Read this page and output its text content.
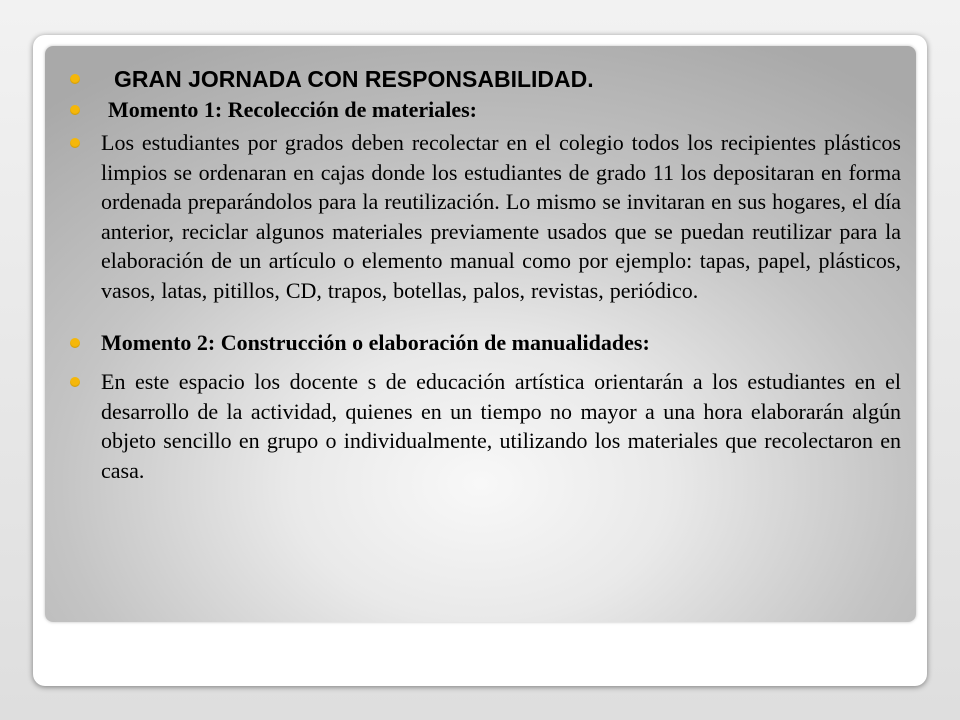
GRAN JORNADA CON RESPONSABILIDAD.
Momento 1: Recolección de materiales:
Los estudiantes por grados deben recolectar en el colegio todos los recipientes plásticos limpios se ordenaran en cajas donde los estudiantes de grado 11 los depositaran en forma ordenada preparándolos para la reutilización. Lo mismo se invitaran en sus hogares, el día anterior, reciclar algunos materiales previamente usados que se puedan reutilizar para la elaboración de un artículo o elemento manual como por ejemplo: tapas, papel, plásticos, vasos, latas, pitillos, CD, trapos, botellas, palos, revistas, periódico.
Momento 2: Construcción o elaboración de manualidades:
En este espacio los docente s de educación artística orientarán a los estudiantes en el desarrollo de la actividad, quienes en un tiempo no mayor a una hora elaborarán algún objeto sencillo en grupo o individualmente, utilizando los materiales que recolectaron en casa.
